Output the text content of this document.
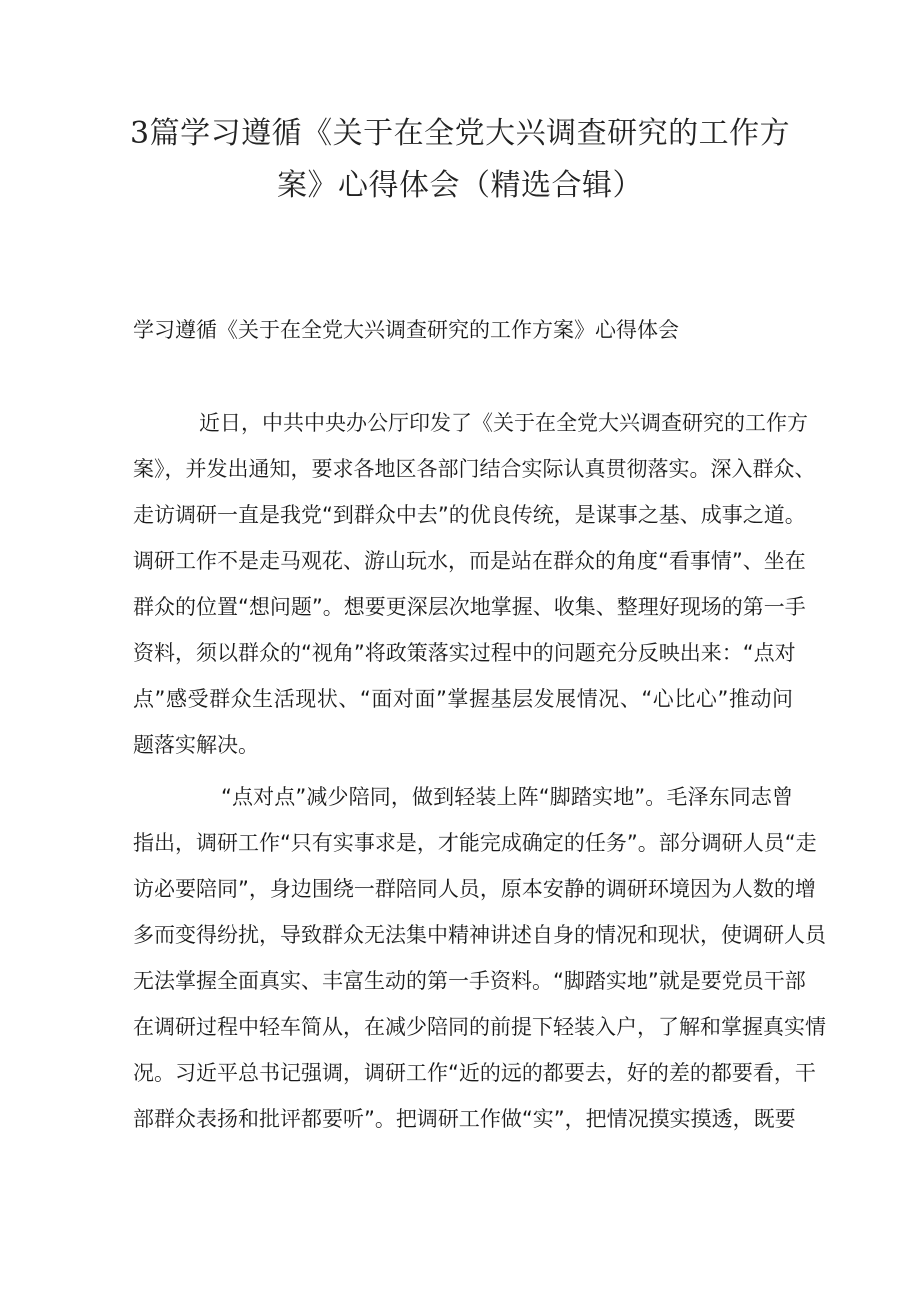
3篇学习遵循《关于在全党大兴调查研究的工作方
案》心得体会（精选合辑）
学习遵循《关于在全党大兴调查研究的工作方案》心得体会

近日，中共中央办公厅印发了《关于在全党大兴调查研究的工作方
案》，并发出通知，要求各地区各部门结合实际认真贯彻落实。深入群众、
走访调研一直是我党“到群众中去”的优良传统，是谋事之基、成事之道。
调研工作不是走马观花、游山玩水，而是站在群众的角度“看事情”、坐在
群众的位置“想问题”。想要更深层次地掌握、收集、整理好现场的第一手
资料，须以群众的“视角”将政策落实过程中的问题充分反映出来：“点对
点”感受群众生活现状、“面对面”掌握基层发展情况、“心比心”推动问
题落实解决。

“点对点”减少陪同，做到轻装上阵“脚踏实地”。毛泽东同志曾
指出，调研工作“只有实事求是，才能完成确定的任务”。部分调研人员“走
访必要陪同”，身边围绕一群陪同人员，原本安静的调研环境因为人数的增
多而变得纷扰，导致群众无法集中精神讲述自身的情况和现状，使调研人员
无法掌握全面真实、丰富生动的第一手资料。“脚踏实地”就是要党员干部
在调研过程中轻车简从，在减少陪同的前提下轻装入户，了解和掌握真实情
况。习近平总书记强调，调研工作“近的远的都要去，好的差的都要看，干
部群众表扬和批评都要听”。把调研工作做“实”，把情况摸实摸透，既要
